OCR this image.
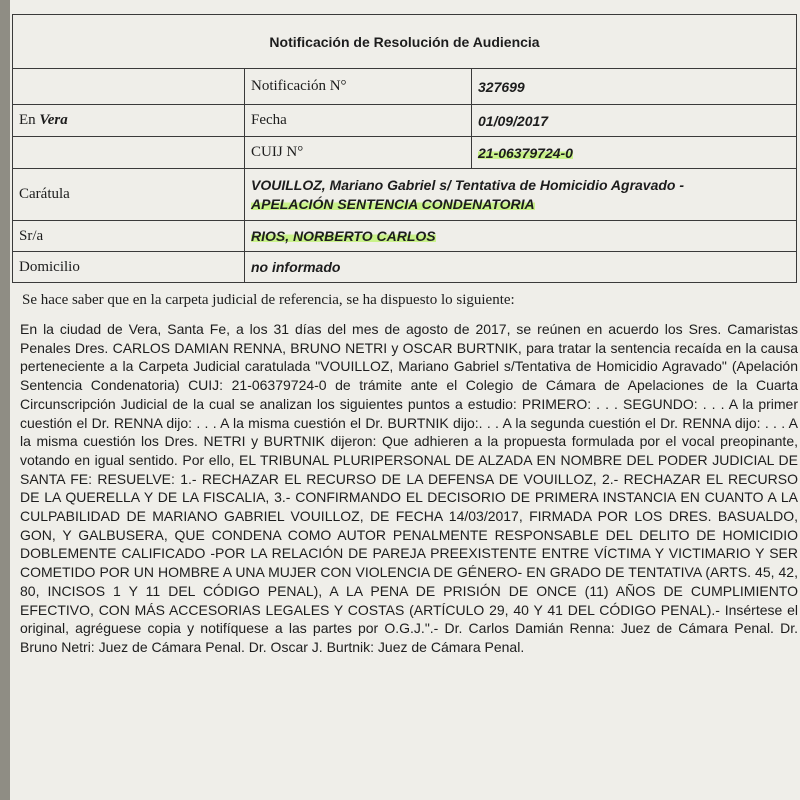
Notificación de Resolución de Audiencia		
	Notificación N°	327699
En Vera	Fecha	01/09/2017
	CUIJ N°	21-06379724-0
Carátula	VOUILLOZ, Mariano Gabriel s/ Tentativa de Homicidio Agravado -
APELACIÓN SENTENCIA CONDENATORIA	
Sr/a	RIOS, NORBERTO CARLOS	
Domicilio	no informado	
Se hace saber que en la carpeta judicial de referencia, se ha dispuesto lo siguiente:
En la ciudad de Vera, Santa Fe, a los 31 días del mes de agosto de 2017, se reúnen en acuerdo los Sres. Camaristas Penales Dres. CARLOS DAMIAN RENNA, BRUNO NETRI y OSCAR BURTNIK, para tratar la sentencia recaída en la causa perteneciente a la Carpeta Judicial caratulada "VOUILLOZ, Mariano Gabriel s/Tentativa de Homicidio Agravado" (Apelación Sentencia Condenatoria) CUIJ: 21-06379724-0 de trámite ante el Colegio de Cámara de Apelaciones de la Cuarta Circunscripción Judicial de la cual se analizan los siguientes puntos a estudio: PRIMERO: . . . SEGUNDO: . . . A la primer cuestión el Dr. RENNA dijo: . . . A la misma cuestión el Dr. BURTNIK dijo:. . . A la segunda cuestión el Dr. RENNA dijo: . . . A la misma cuestión los Dres. NETRI y BURTNIK dijeron: Que adhieren a la propuesta formulada por el vocal preopinante, votando en igual sentido. Por ello, EL TRIBUNAL PLURIPERSONAL DE ALZADA EN NOMBRE DEL PODER JUDICIAL DE SANTA FE: RESUELVE: 1.- RECHAZAR EL RECURSO DE LA DEFENSA DE VOUILLOZ, 2.- RECHAZAR EL RECURSO DE LA QUERELLA Y DE LA FISCALIA, 3.- CONFIRMANDO EL DECISORIO DE PRIMERA INSTANCIA EN CUANTO A LA CULPABILIDAD DE MARIANO GABRIEL VOUILLOZ, DE FECHA 14/03/2017, FIRMADA POR LOS DRES. BASUALDO, GON, Y GALBUSERA, QUE CONDENA COMO AUTOR PENALMENTE RESPONSABLE DEL DELITO DE HOMICIDIO DOBLEMENTE CALIFICADO -POR LA RELACIÓN DE PAREJA PREEXISTENTE ENTRE VÍCTIMA Y VICTIMARIO Y SER COMETIDO POR UN HOMBRE A UNA MUJER CON VIOLENCIA DE GÉNERO- EN GRADO DE TENTATIVA (ARTS. 45, 42, 80, INCISOS 1 Y 11 DEL CÓDIGO PENAL), A LA PENA DE PRISIÓN DE ONCE (11) AÑOS DE CUMPLIMIENTO EFECTIVO, CON MÁS ACCESORIAS LEGALES Y COSTAS (ARTÍCULO 29, 40 Y 41 DEL CÓDIGO PENAL).- Insértese el original, agréguese copia y notifíquese a las partes por O.G.J.".- Dr. Carlos Damián Renna: Juez de Cámara Penal. Dr. Bruno Netri: Juez de Cámara Penal. Dr. Oscar J. Burtnik: Juez de Cámara Penal.
